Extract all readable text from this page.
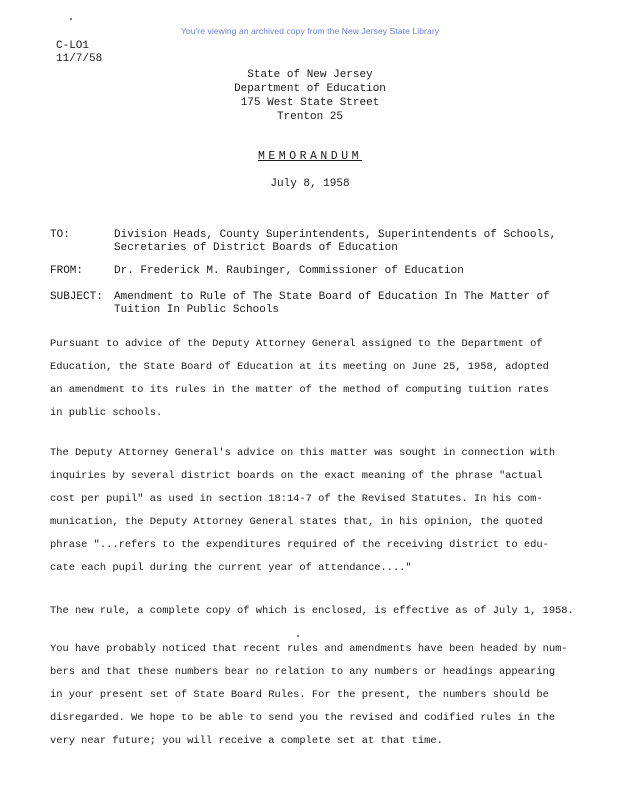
You're viewing an archived copy from the New Jersey State Library
C-LO1
11/7/58
State of New Jersey
Department of Education
175 West State Street
Trenton 25
MEMORANDUM
July 8, 1958
TO:	Division Heads, County Superintendents, Superintendents of Schools,
Secretaries of District Boards of Education
FROM:	Dr. Frederick M. Raubinger, Commissioner of Education
SUBJECT:	Amendment to Rule of The State Board of Education In The Matter of
Tuition In Public Schools
Pursuant to advice of the Deputy Attorney General assigned to the Department of
Education, the State Board of Education at its meeting on June 25, 1958, adopted
an amendment to its rules in the matter of the method of computing tuition rates
in public schools.
The Deputy Attorney General's advice on this matter was sought in connection with
inquiries by several district boards on the exact meaning of the phrase "actual
cost per pupil" as used in section 18:14-7 of the Revised Statutes. In his com-
munication, the Deputy Attorney General states that, in his opinion, the quoted
phrase "...refers to the expenditures required of the receiving district to edu-
cate each pupil during the current year of attendance...."
The new rule, a complete copy of which is enclosed, is effective as of July 1, 1958.
You have probably noticed that recent rules and amendments have been headed by num-
bers and that these numbers bear no relation to any numbers or headings appearing
in your present set of State Board Rules. For the present, the numbers should be
disregarded. We hope to be able to send you the revised and codified rules in the
very near future; you will receive a complete set at that time.
